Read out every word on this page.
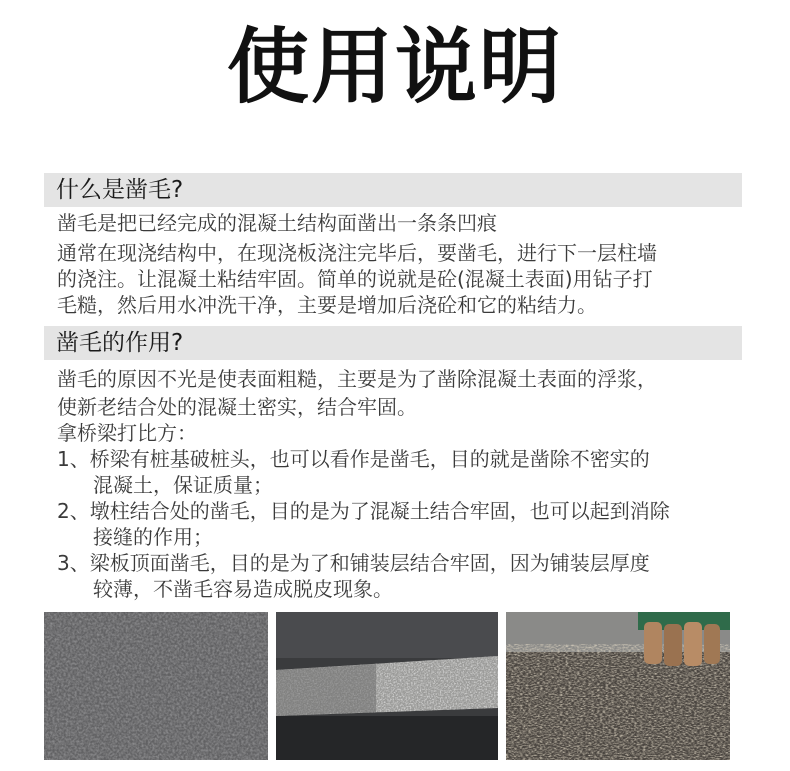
使用说明
什么是凿毛?
凿毛是把已经完成的混凝土结构面凿出一条条凹痕
通常在现浇结构中，在现浇板浇注完毕后，要凿毛，进行下一层柱墙
的浇注。让混凝土粘结牢固。简单的说就是砼(混凝土表面)用钻子打
毛糙，然后用水冲洗干净，主要是增加后浇砼和它的粘结力。
凿毛的作用?
凿毛的原因不光是使表面粗糙，主要是为了凿除混凝土表面的浮浆，
使新老结合处的混凝土密实，结合牢固。
拿桥梁打比方：
1、桥梁有桩基破桩头，也可以看作是凿毛，目的就是凿除不密实的
混凝土，保证质量；
2、墩柱结合处的凿毛，目的是为了混凝土结合牢固，也可以起到消除
接缝的作用；
3、梁板顶面凿毛，目的是为了和铺装层结合牢固，因为铺装层厚度
较薄，不凿毛容易造成脱皮现象。
